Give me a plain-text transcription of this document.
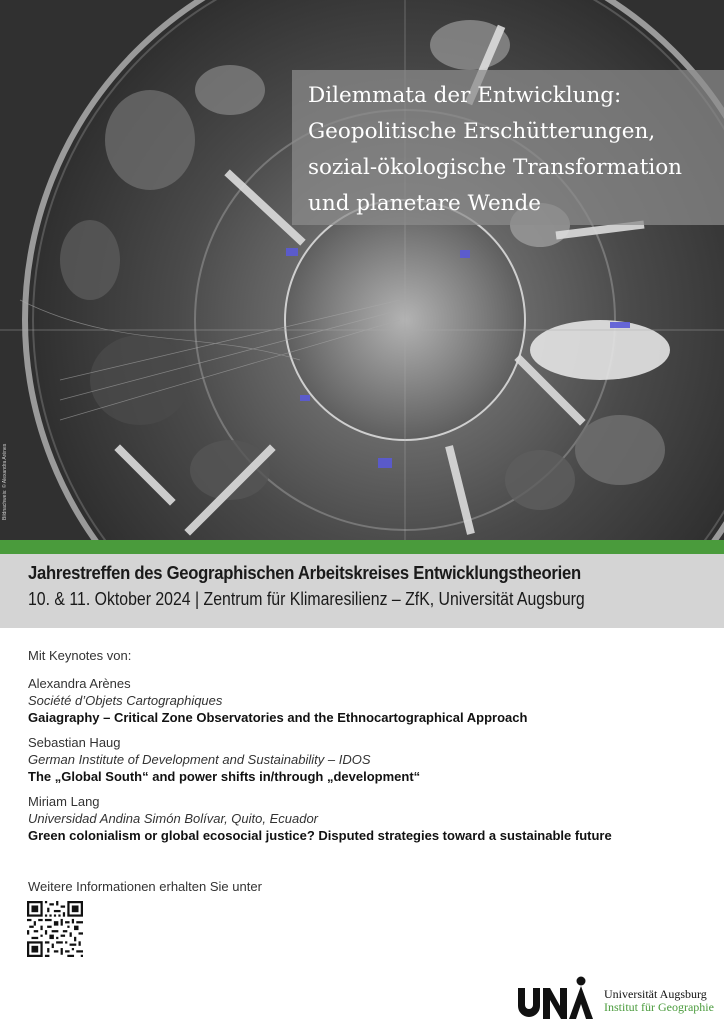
Dilemmata der Entwicklung:
Geopolitische Erschütterungen,
sozial-ökologische Transformation
und planetare Wende
Bildnachweis: © Alexandra Arènes
Jahrestreffen des Geographischen Arbeitskreises Entwicklungstheorien
10. & 11. Oktober 2024 | Zentrum für Klimaresilienz – ZfK, Universität Augsburg
Mit Keynotes von:
Alexandra Arènes
Société d’Objets Cartographiques
Gaiagraphy – Critical Zone Observatories and the Ethnocartographical Approach
Sebastian Haug
German Institute of Development and Sustainability – IDOS
The „Global South“ and power shifts in/through „development“
Miriam Lang
Universidad Andina Simón Bolívar, Quito, Ecuador
Green colonialism or global ecosocial justice? Disputed strategies toward a sustainable future
Weitere Informationen erhalten Sie unter
Universität Augsburg
Institut für Geographie
